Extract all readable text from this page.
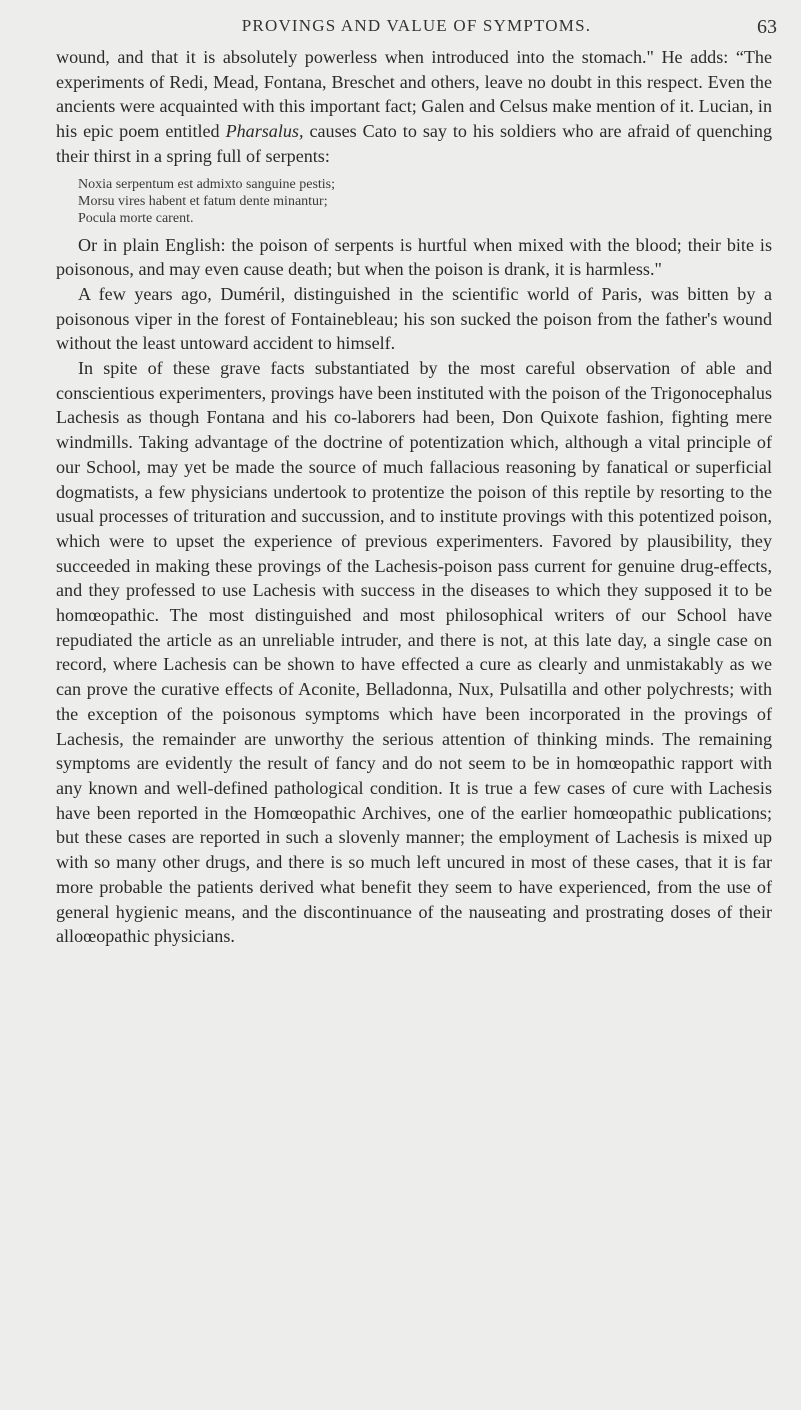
PROVINGS AND VALUE OF SYMPTOMS.	63

wound, and that it is absolutely powerless when introduced into the stomach." He adds: “The experiments of Redi, Mead, Fontana, Breschet and others, leave no doubt in this respect. Even the ancients were acquainted with this important fact; Galen and Celsus make mention of it. Lucian, in his epic poem entitled Pharsalus, causes Cato to say to his soldiers who are afraid of quenching their thirst in a spring full of serpents:

Noxia serpentum est admixto sanguine pestis;
Morsu vires habent et fatum dente minantur;
Pocula morte carent.

Or in plain English: the poison of serpents is hurtful when mixed with the blood; their bite is poisonous, and may even cause death; but when the poison is drank, it is harmless."

A few years ago, Duméril, distinguished in the scientific world of Paris, was bitten by a poisonous viper in the forest of Fontainebleau; his son sucked the poison from the father's wound without the least untoward accident to himself.

In spite of these grave facts substantiated by the most careful observation of able and conscientious experimenters, provings have been instituted with the poison of the Trigonocephalus Lachesis as though Fontana and his co-laborers had been, Don Quixote fashion, fighting mere windmills. Taking advantage of the doctrine of potentization which, although a vital principle of our School, may yet be made the source of much fallacious reasoning by fanatical or superficial dogmatists, a few physicians undertook to protentize the poison of this reptile by resorting to the usual processes of trituration and succussion, and to institute provings with this potentized poison, which were to upset the experience of previous experimenters. Favored by plausibility, they succeeded in making these provings of the Lachesis-poison pass current for genuine drug-effects, and they professed to use Lachesis with success in the diseases to which they supposed it to be homœopathic. The most distinguished and most philosophical writers of our School have repudiated the article as an unreliable intruder, and there is not, at this late day, a single case on record, where Lachesis can be shown to have effected a cure as clearly and unmistakably as we can prove the curative effects of Aconite, Belladonna, Nux, Pulsatilla and other polychrests; with the exception of the poisonous symptoms which have been incorporated in the provings of Lachesis, the remainder are unworthy the serious attention of thinking minds. The remaining symptoms are evidently the result of fancy and do not seem to be in homœopathic rapport with any known and well-defined pathological condition. It is true a few cases of cure with Lachesis have been reported in the Homœopathic Archives, one of the earlier homœopathic publications; but these cases are reported in such a slovenly manner; the employment of Lachesis is mixed up with so many other drugs, and there is so much left uncured in most of these cases, that it is far more probable the patients derived what benefit they seem to have experienced, from the use of general hygienic means, and the discontinuance of the nauseating and prostrating doses of their alloœopathic physicians.
